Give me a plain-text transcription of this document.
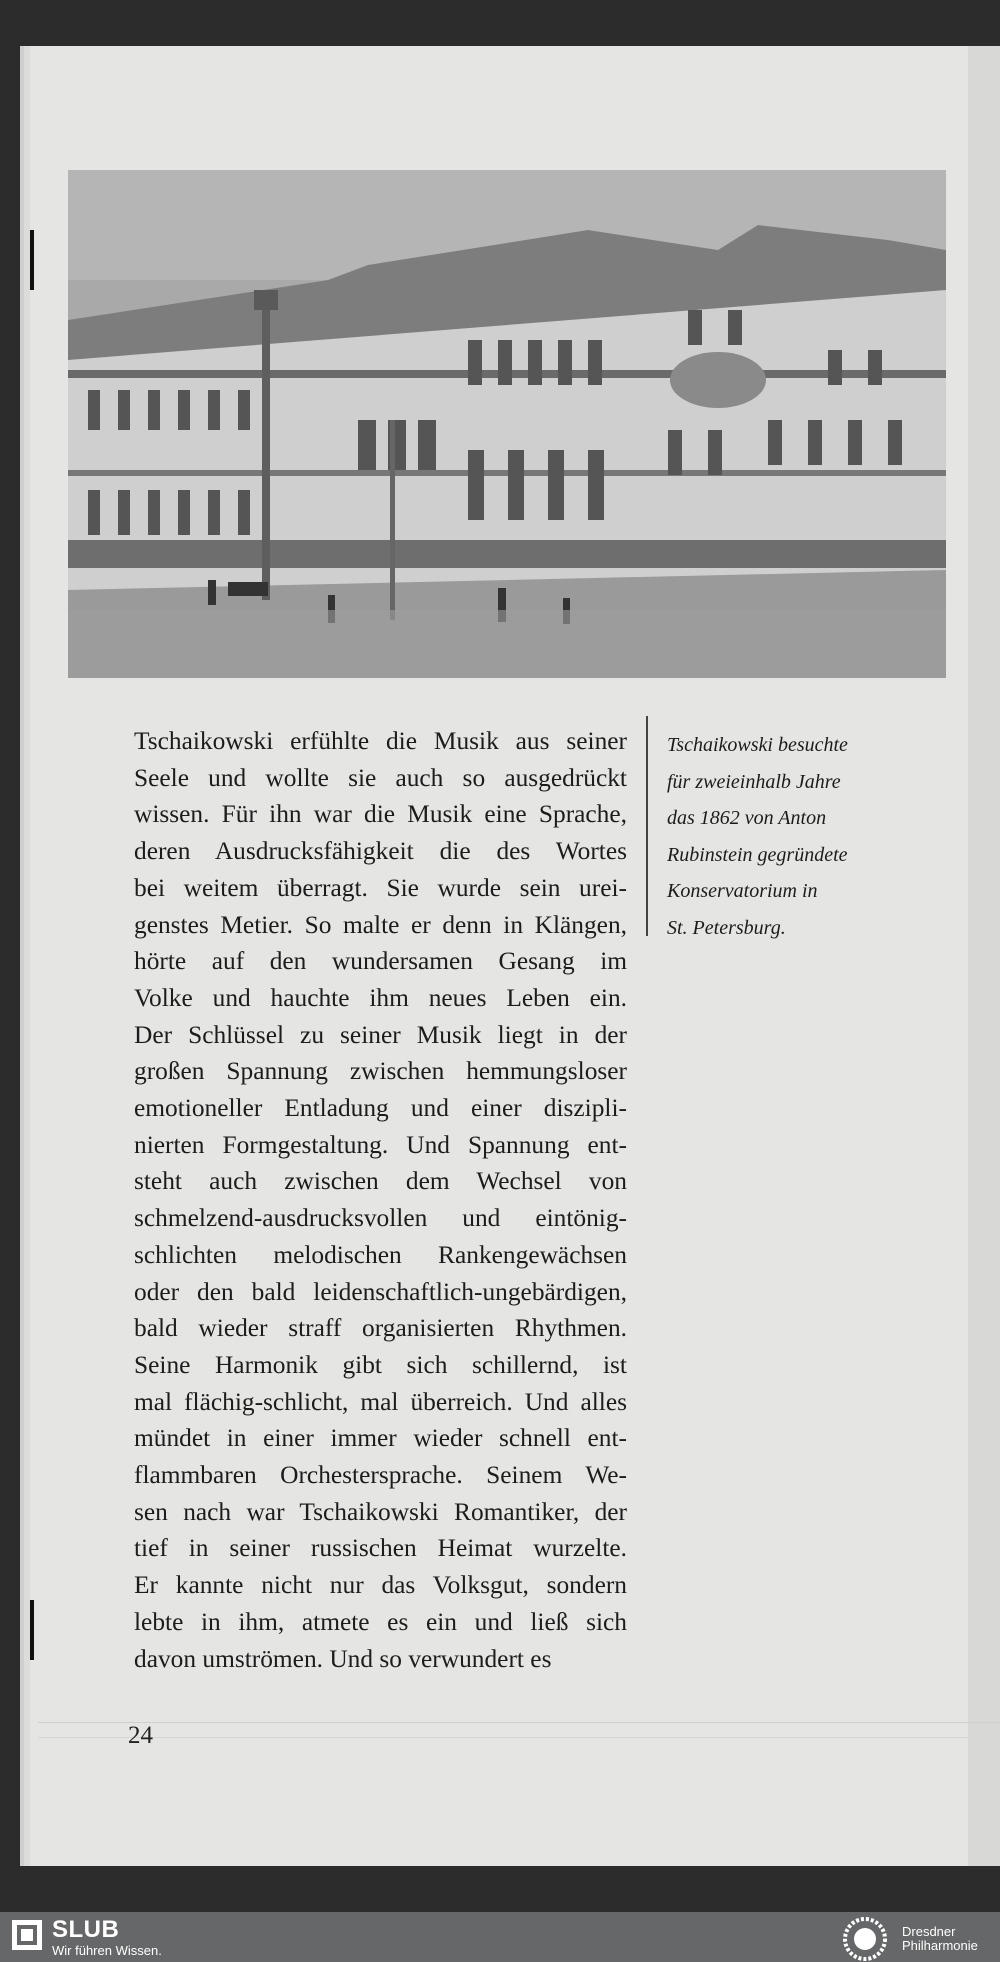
Tschaikowski erfühlte die Musik aus seiner
Seele und wollte sie auch so ausgedrückt
wissen. Für ihn war die Musik eine Sprache,
deren Ausdrucksfähigkeit die des Wortes
bei weitem überragt. Sie wurde sein urei-
genstes Metier. So malte er denn in Klängen,
hörte auf den wundersamen Gesang im
Volke und hauchte ihm neues Leben ein.
Der Schlüssel zu seiner Musik liegt in der
großen Spannung zwischen hemmungsloser
emotioneller Entladung und einer diszipli-
nierten Formgestaltung. Und Spannung ent-
steht auch zwischen dem Wechsel von
schmelzend-ausdrucksvollen und eintönig-
schlichten melodischen Rankengewächsen
oder den bald leidenschaftlich-ungebärdigen,
bald wieder straff organisierten Rhythmen.
Seine Harmonik gibt sich schillernd, ist
mal flächig-schlicht, mal überreich. Und alles
mündet in einer immer wieder schnell ent-
flammbaren Orchestersprache. Seinem We-
sen nach war Tschaikowski Romantiker, der
tief in seiner russischen Heimat wurzelte.
Er kannte nicht nur das Volksgut, sondern
lebte in ihm, atmete es ein und ließ sich
davon umströmen. Und so verwundert es
Tschaikowski besuchte
für zweieinhalb Jahre
das 1862 von Anton
Rubinstein gegründete
Konservatorium in
St. Petersburg.
24
SLUB
Wir führen Wissen.
Dresdner
Philharmonie
